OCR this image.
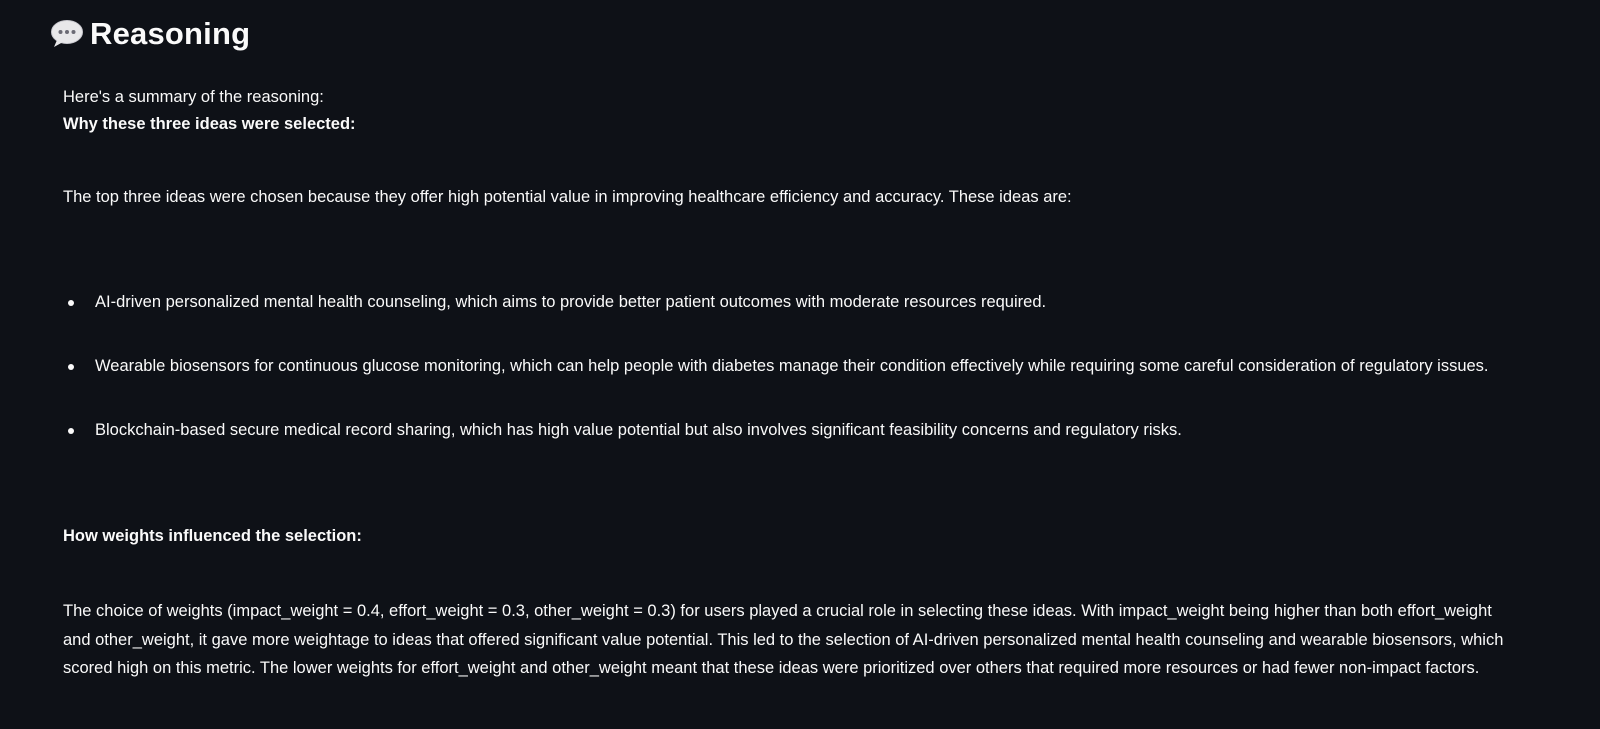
Reasoning
Here's a summary of the reasoning:
Why these three ideas were selected:
The top three ideas were chosen because they offer high potential value in improving healthcare efficiency and accuracy. These ideas are:
AI-driven personalized mental health counseling, which aims to provide better patient outcomes with moderate resources required.
Wearable biosensors for continuous glucose monitoring, which can help people with diabetes manage their condition effectively while requiring some careful consideration of regulatory issues.
Blockchain-based secure medical record sharing, which has high value potential but also involves significant feasibility concerns and regulatory risks.
How weights influenced the selection:
The choice of weights (impact_weight = 0.4, effort_weight = 0.3, other_weight = 0.3) for users played a crucial role in selecting these ideas. With impact_weight being higher than both effort_weight
and other_weight, it gave more weightage to ideas that offered significant value potential. This led to the selection of AI-driven personalized mental health counseling and wearable biosensors, which
scored high on this metric. The lower weights for effort_weight and other_weight meant that these ideas were prioritized over others that required more resources or had fewer non-impact factors.
